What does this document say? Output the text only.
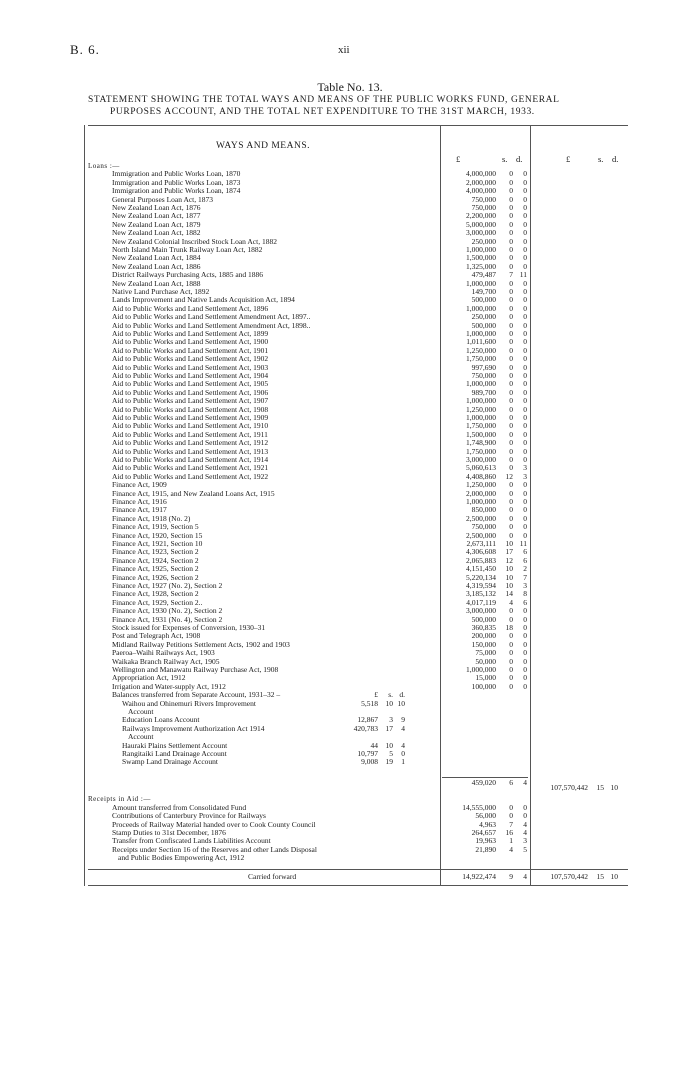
B. 6.	xii
Table No. 13.
STATEMENT SHOWING THE TOTAL WAYS AND MEANS OF THE PUBLIC WORKS FUND, GENERAL
PURPOSES ACCOUNT, AND THE TOTAL NET EXPENDITURE TO THE 31ST MARCH, 1933.
WAYS AND MEANS.
£	s. d.	£	s. d.
Loans :—
Immigration and Public Works Loan, 1870	4,000,000	0	0
Immigration and Public Works Loan, 1873	2,000,000	0	0
Immigration and Public Works Loan, 1874	4,000,000	0	0
General Purposes Loan Act, 1873	750,000	0	0
New Zealand Loan Act, 1876	750,000	0	0
New Zealand Loan Act, 1877	2,200,000	0	0
New Zealand Loan Act, 1879	5,000,000	0	0
New Zealand Loan Act, 1882	3,000,000	0	0
New Zealand Colonial Inscribed Stock Loan Act, 1882	250,000	0	0
North Island Main Trunk Railway Loan Act, 1882	1,000,000	0	0
New Zealand Loan Act, 1884	1,500,000	0	0
New Zealand Loan Act, 1886	1,325,000	0	0
District Railways Purchasing Acts, 1885 and 1886	479,487	7 11
New Zealand Loan Act, 1888	1,000,000	0	0
Native Land Purchase Act, 1892	149,700	0	0
Lands Improvement and Native Lands Acquisition Act, 1894	500,000	0	0
Aid to Public Works and Land Settlement Act, 1896	1,000,000	0	0
Aid to Public Works and Land Settlement Amendment Act, 1897..	250,000	0	0
Aid to Public Works and Land Settlement Amendment Act, 1898..	500,000	0	0
Aid to Public Works and Land Settlement Act, 1899	1,000,000	0	0
Aid to Public Works and Land Settlement Act, 1900	1,011,600	0	0
Aid to Public Works and Land Settlement Act, 1901	1,250,000	0	0
Aid to Public Works and Land Settlement Act, 1902	1,750,000	0	0
Aid to Public Works and Land Settlement Act, 1903	997,690	0	0
Aid to Public Works and Land Settlement Act, 1904	750,000	0	0
Aid to Public Works and Land Settlement Act, 1905	1,000,000	0	0
Aid to Public Works and Land Settlement Act, 1906	989,700	0	0
Aid to Public Works and Land Settlement Act, 1907	1,000,000	0	0
Aid to Public Works and Land Settlement Act, 1908	1,250,000	0	0
Aid to Public Works and Land Settlement Act, 1909	1,000,000	0	0
Aid to Public Works and Land Settlement Act, 1910	1,750,000	0	0
Aid to Public Works and Land Settlement Act, 1911	1,500,000	0	0
Aid to Public Works and Land Settlement Act, 1912	1,748,900	0	0
Aid to Public Works and Land Settlement Act, 1913	1,750,000	0	0
Aid to Public Works and Land Settlement Act, 1914	3,000,000	0	0
Aid to Public Works and Land Settlement Act, 1921	5,060,613	0	3
Aid to Public Works and Land Settlement Act, 1922	4,408,860	12	3
Finance Act, 1909	1,250,000	0	0
Finance Act, 1915, and New Zealand Loans Act, 1915	2,000,000	0	0
Finance Act, 1916	1,000,000	0	0
Finance Act, 1917	850,000	0	0
Finance Act, 1918 (No. 2)	2,500,000	0	0
Finance Act, 1919, Section 5	750,000	0	0
Finance Act, 1920, Section 15	2,500,000	0	0
Finance Act, 1921, Section 10	2,673,111	10 11
Finance Act, 1923, Section 2	4,306,608	17	6
Finance Act, 1924, Section 2	2,065,883	12	6
Finance Act, 1925, Section 2	4,151,450	10	2
Finance Act, 1926, Section 2	5,220,134	10	7
Finance Act, 1927 (No. 2), Section 2	4,319,594	10	3
Finance Act, 1928, Section 2	3,185,132	14	8
Finance Act, 1929, Section 2..	4,017,119	4	6
Finance Act, 1930 (No. 2), Section 2	3,000,000	0	0
Finance Act, 1931 (No. 4), Section 2	500,000	0	0
Stock issued for Expenses of Conversion, 1930–31	360,835	18	0
Post and Telegraph Act, 1908	200,000	0	0
Midland Railway Petitions Settlement Acts, 1902 and 1903	150,000	0	0
Paeroa–Waihi Railways Act, 1903	75,000	0	0
Waikaka Branch Railway Act, 1905	50,000	0	0
Wellington and Manawatu Railway Purchase Act, 1908	1,000,000	0	0
Appropriation Act, 1912	15,000	0	0
Irrigation and Water-supply Act, 1912	100,000	0	0
Balances transferred from Separate Account, 1931–32 –	£	s. d.
Waihou and Ohinemuri Rivers Improvement	5,518	10 10
Account
Education Loans Account	12,867	3	9
Railways Improvement Authorization Act 1914	420,783	17	4
Account
Hauraki Plains Settlement Account	44	10	4
Rangitaiki Land Drainage Account	10,797	5	0
Swamp Land Drainage Account	9,008	19	1
459,020	6	4
107,570,442	15 10
Receipts in Aid :—
Amount transferred from Consolidated Fund	14,555,000	0	0
Contributions of Canterbury Province for Railways	56,000	0	0
Proceeds of Railway Material handed over to Cook County Council	4,963	7	4
Stamp Duties to 31st December, 1876	264,657	16	4
Transfer from Confiscated Lands Liabilities Account	19,963	1	3
Receipts under Section 16 of the Reserves and other Lands Disposal	21,890	4	5
and Public Bodies Empowering Act, 1912
Carried forward	14,922,474	9	4	107,570,442	15 10
